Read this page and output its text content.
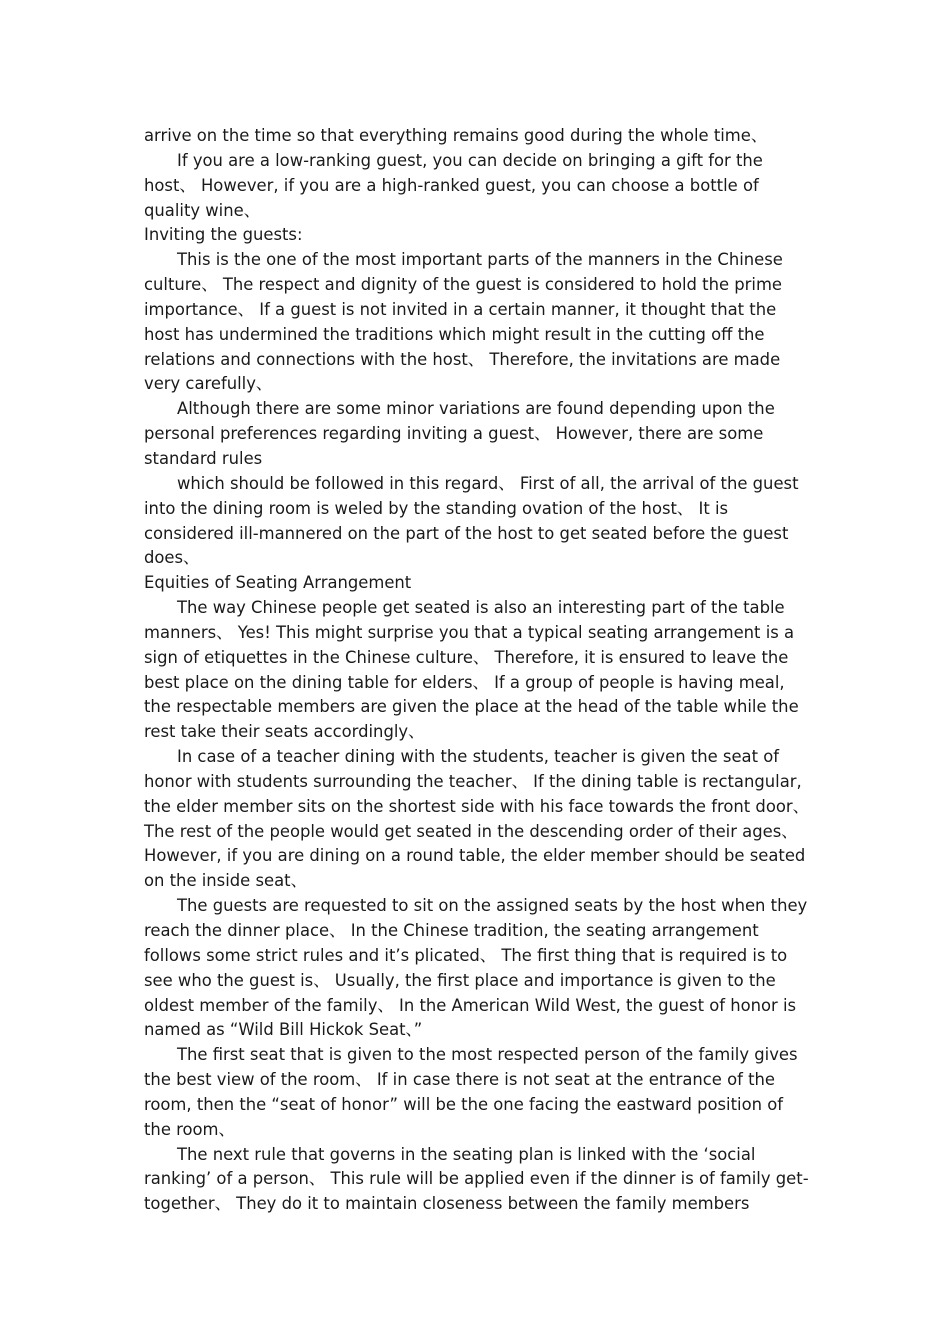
arrive on the time so that everything remains good during the whole time、

If you are a low-ranking guest, you can decide on bringing a gift for the host、 However, if you are a high-ranked guest, you can choose a bottle of quality wine、

Inviting the guests:

This is the one of the most important parts of the manners in the Chinese culture、 The respect and dignity of the guest is considered to hold the prime importance、 If a guest is not invited in a certain manner, it thought that the host has undermined the traditions which might result in the cutting off the relations and connections with the host、 Therefore, the invitations are made very carefully、

Although there are some minor variations are found depending upon the personal preferences regarding inviting a guest、 However, there are some standard rules

which should be followed in this regard、 First of all, the arrival of the guest into the dining room is weled by the standing ovation of the host、 It is considered ill-mannered on the part of the host to get seated before the guest does、

Equities of Seating Arrangement

The way Chinese people get seated is also an interesting part of the table manners、 Yes! This might surprise you that a typical seating arrangement is a sign of etiquettes in the Chinese culture、 Therefore, it is ensured to leave the best place on the dining table for elders、 If a group of people is having meal, the respectable members are given the place at the head of the table while the rest take their seats accordingly、

In case of a teacher dining with the students, teacher is given the seat of honor with students surrounding the teacher、 If the dining table is rectangular, the elder member sits on the shortest side with his face towards the front door、 The rest of the people would get seated in the descending order of their ages、 However, if you are dining on a round table, the elder member should be seated on the inside seat、

The guests are requested to sit on the assigned seats by the host when they reach the dinner place、 In the Chinese tradition, the seating arrangement follows some strict rules and it’s plicated、 The first thing that is required is to see who the guest is、 Usually, the first place and importance is given to the oldest member of the family、 In the American Wild West, the guest of honor is named as “Wild Bill Hickok Seat、”

The first seat that is given to the most respected person of the family gives the best view of the room、 If in case there is not seat at the entrance of the room, then the “seat of honor” will be the one facing the eastward position of the room、

The next rule that governs in the seating plan is linked with the ‘social ranking’ of a person、 This rule will be applied even if the dinner is of family get-together、 They do it to maintain closeness between the family members
